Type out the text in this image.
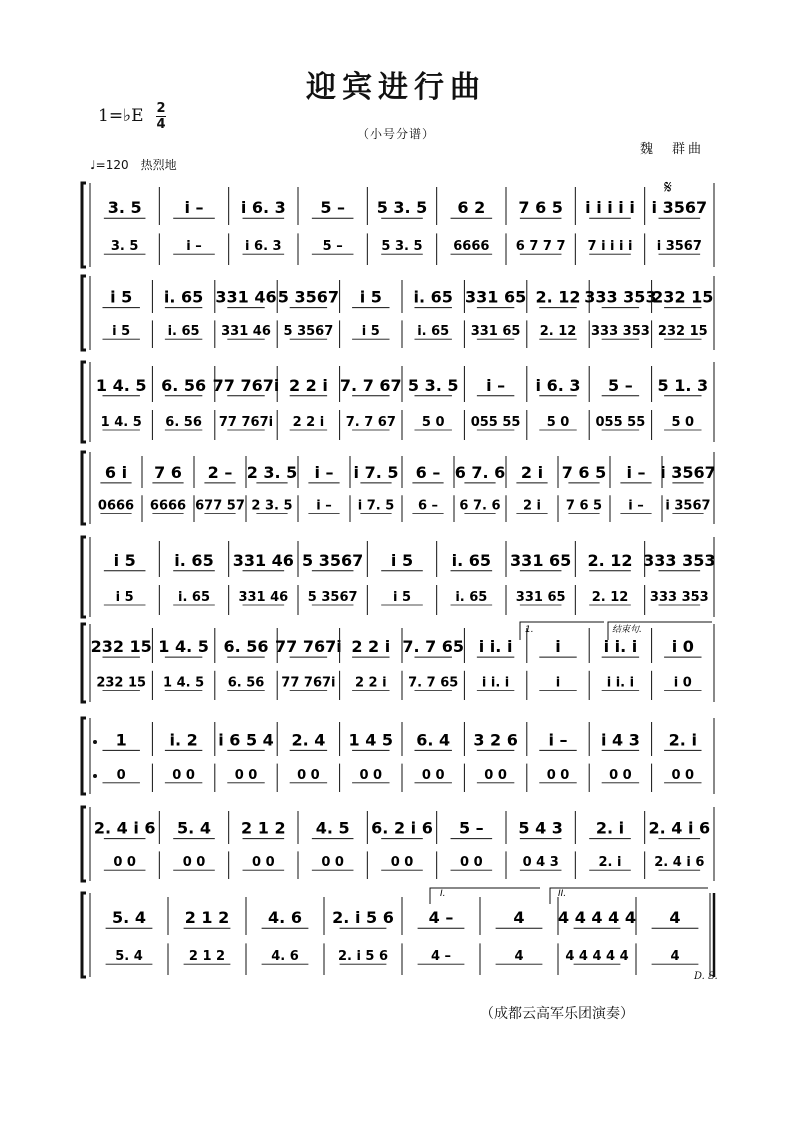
迎宾进行曲
1=♭E 2
4
（小号分谱）
魏　群曲
♩=120　热烈地
3. 5
3. 5
i –
i –
i 6. 3
i 6. 3
5 –
5 –
5 3. 5
5 3. 5
6 2
6666
7 6 5
6 7 7 7
i i i i i
7 i i i i
i 3567
i 3567
i 5
i 5
i. 65
i. 65
331 46
331 46
5 3567
5 3567
i 5
i 5
i. 65
i. 65
331 65
331 65
2. 12
2. 12
333 353
333 353
232 15
232 15
1 4. 5
1 4. 5
6. 56
6. 56
77 767i
77 767i
2 2 i
2 2 i
7. 7 67
7. 7 67
5 3. 5
5 0
i –
055 55
i 6. 3
5 0
5 –
055 55
5 1. 3
5 0
6 i
0666
7 6
6666
2 –
677 57
2 3. 5
2 3. 5
i –
i –
i 7. 5
i 7. 5
6 –
6 –
6 7. 6
6 7. 6
2 i
2 i
7 6 5
7 6 5
i –
i –
i 3567
i 3567
i 5
i 5
i. 65
i. 65
331 46
331 46
5 3567
5 3567
i 5
i 5
i. 65
i. 65
331 65
331 65
2. 12
2. 12
333 353
333 353
232 15
232 15
1 4. 5
1 4. 5
6. 56
6. 56
77 767i
77 767i
2 2 i
2 2 i
7. 7 65
7. 7 65
i i. i
i i. i
i
i
i i. i
i i. i
i 0
i 0
1
0
i. 2
0 0
i 6 5 4
0 0
2. 4
0 0
1 4 5
0 0
6. 4
0 0
3 2 6
0 0
i –
0 0
i 4 3
0 0
2. i
0 0
2. 4 i 6
0 0
5. 4
0 0
2 1 2
0 0
4. 5
0 0
6. 2 i 6
0 0
5 –
0 0
5 4 3
0 4 3
2. i
2. i
2. 4 i 6
2. 4 i 6
5. 4
5. 4
2 1 2
2 1 2
4. 6
4. 6
2. i 5 6
2. i 5 6
4 –
4 –
4
4
4 4 4 4 4
4 4 4 4 4
4
4
𝄋
1.	结束句.
I.	II.
D. S.
（成都云高军乐团演奏）
